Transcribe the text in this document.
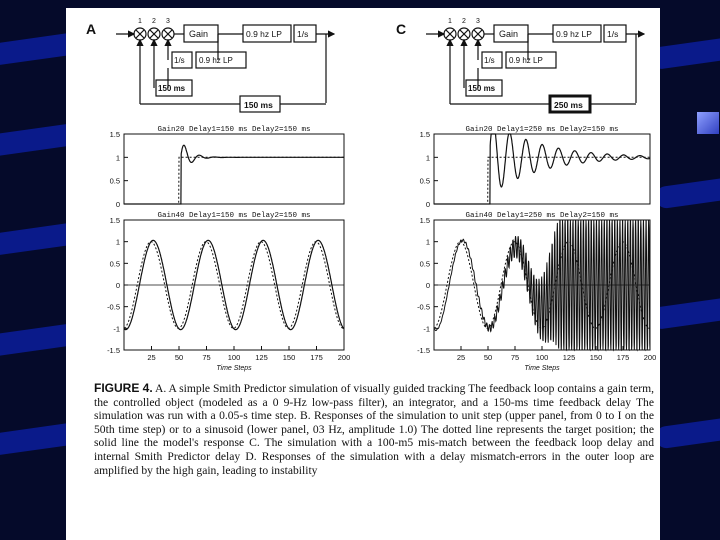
A	1 2 3
Gain	0.9 hz LP 1/s
1/s 0.9 hz LP
150 ms
150 ms
C	1 2 3
Gain	0.9 hz LP 1/s
1/s 0.9 hz LP
150 ms
250 ms
Gain20 Delay1=150 ms Delay2=150 ms
1.5
1
0.5
0
Gain40 Delay1=150 ms Delay2=150 ms
1.5
1
0.5
0
-0.5
-1
-1.5
25	50	75 100 125 150 175 200
Time Steps
Gain20 Delay1=250 ms Delay2=150 ms
1.5
1
0.5
0
Gain40 Delay1=250 ms Delay2=150 ms
1.5
1
0.5
0
-0.5
-1
-1.5
25 50 75 100 125 150 175 200
Time Steps
FIGURE 4. A. A simple Smith Predictor simulation of visually guided tracking The feedback loop contains a gain term, the controlled object (modeled as a 0 9-Hz low-pass filter), an integrator, and a 150-ms time feedback delay The simulation was run with a 0.05-s time step. B. Responses of the simulation to unit step (upper panel, from 0 to I on the 50th time step) or to a sinusoid (lower panel, 03 Hz, amplitude 1.0) The dotted line represents the target position; the solid line the model's response C. The simulation with a 100-m5 mis-match between the feedback loop delay and internal Smith Predictor delay D. Responses of the simulation with a delay mismatch-errors in the outer loop are amplified by the high gain, leading to instability
